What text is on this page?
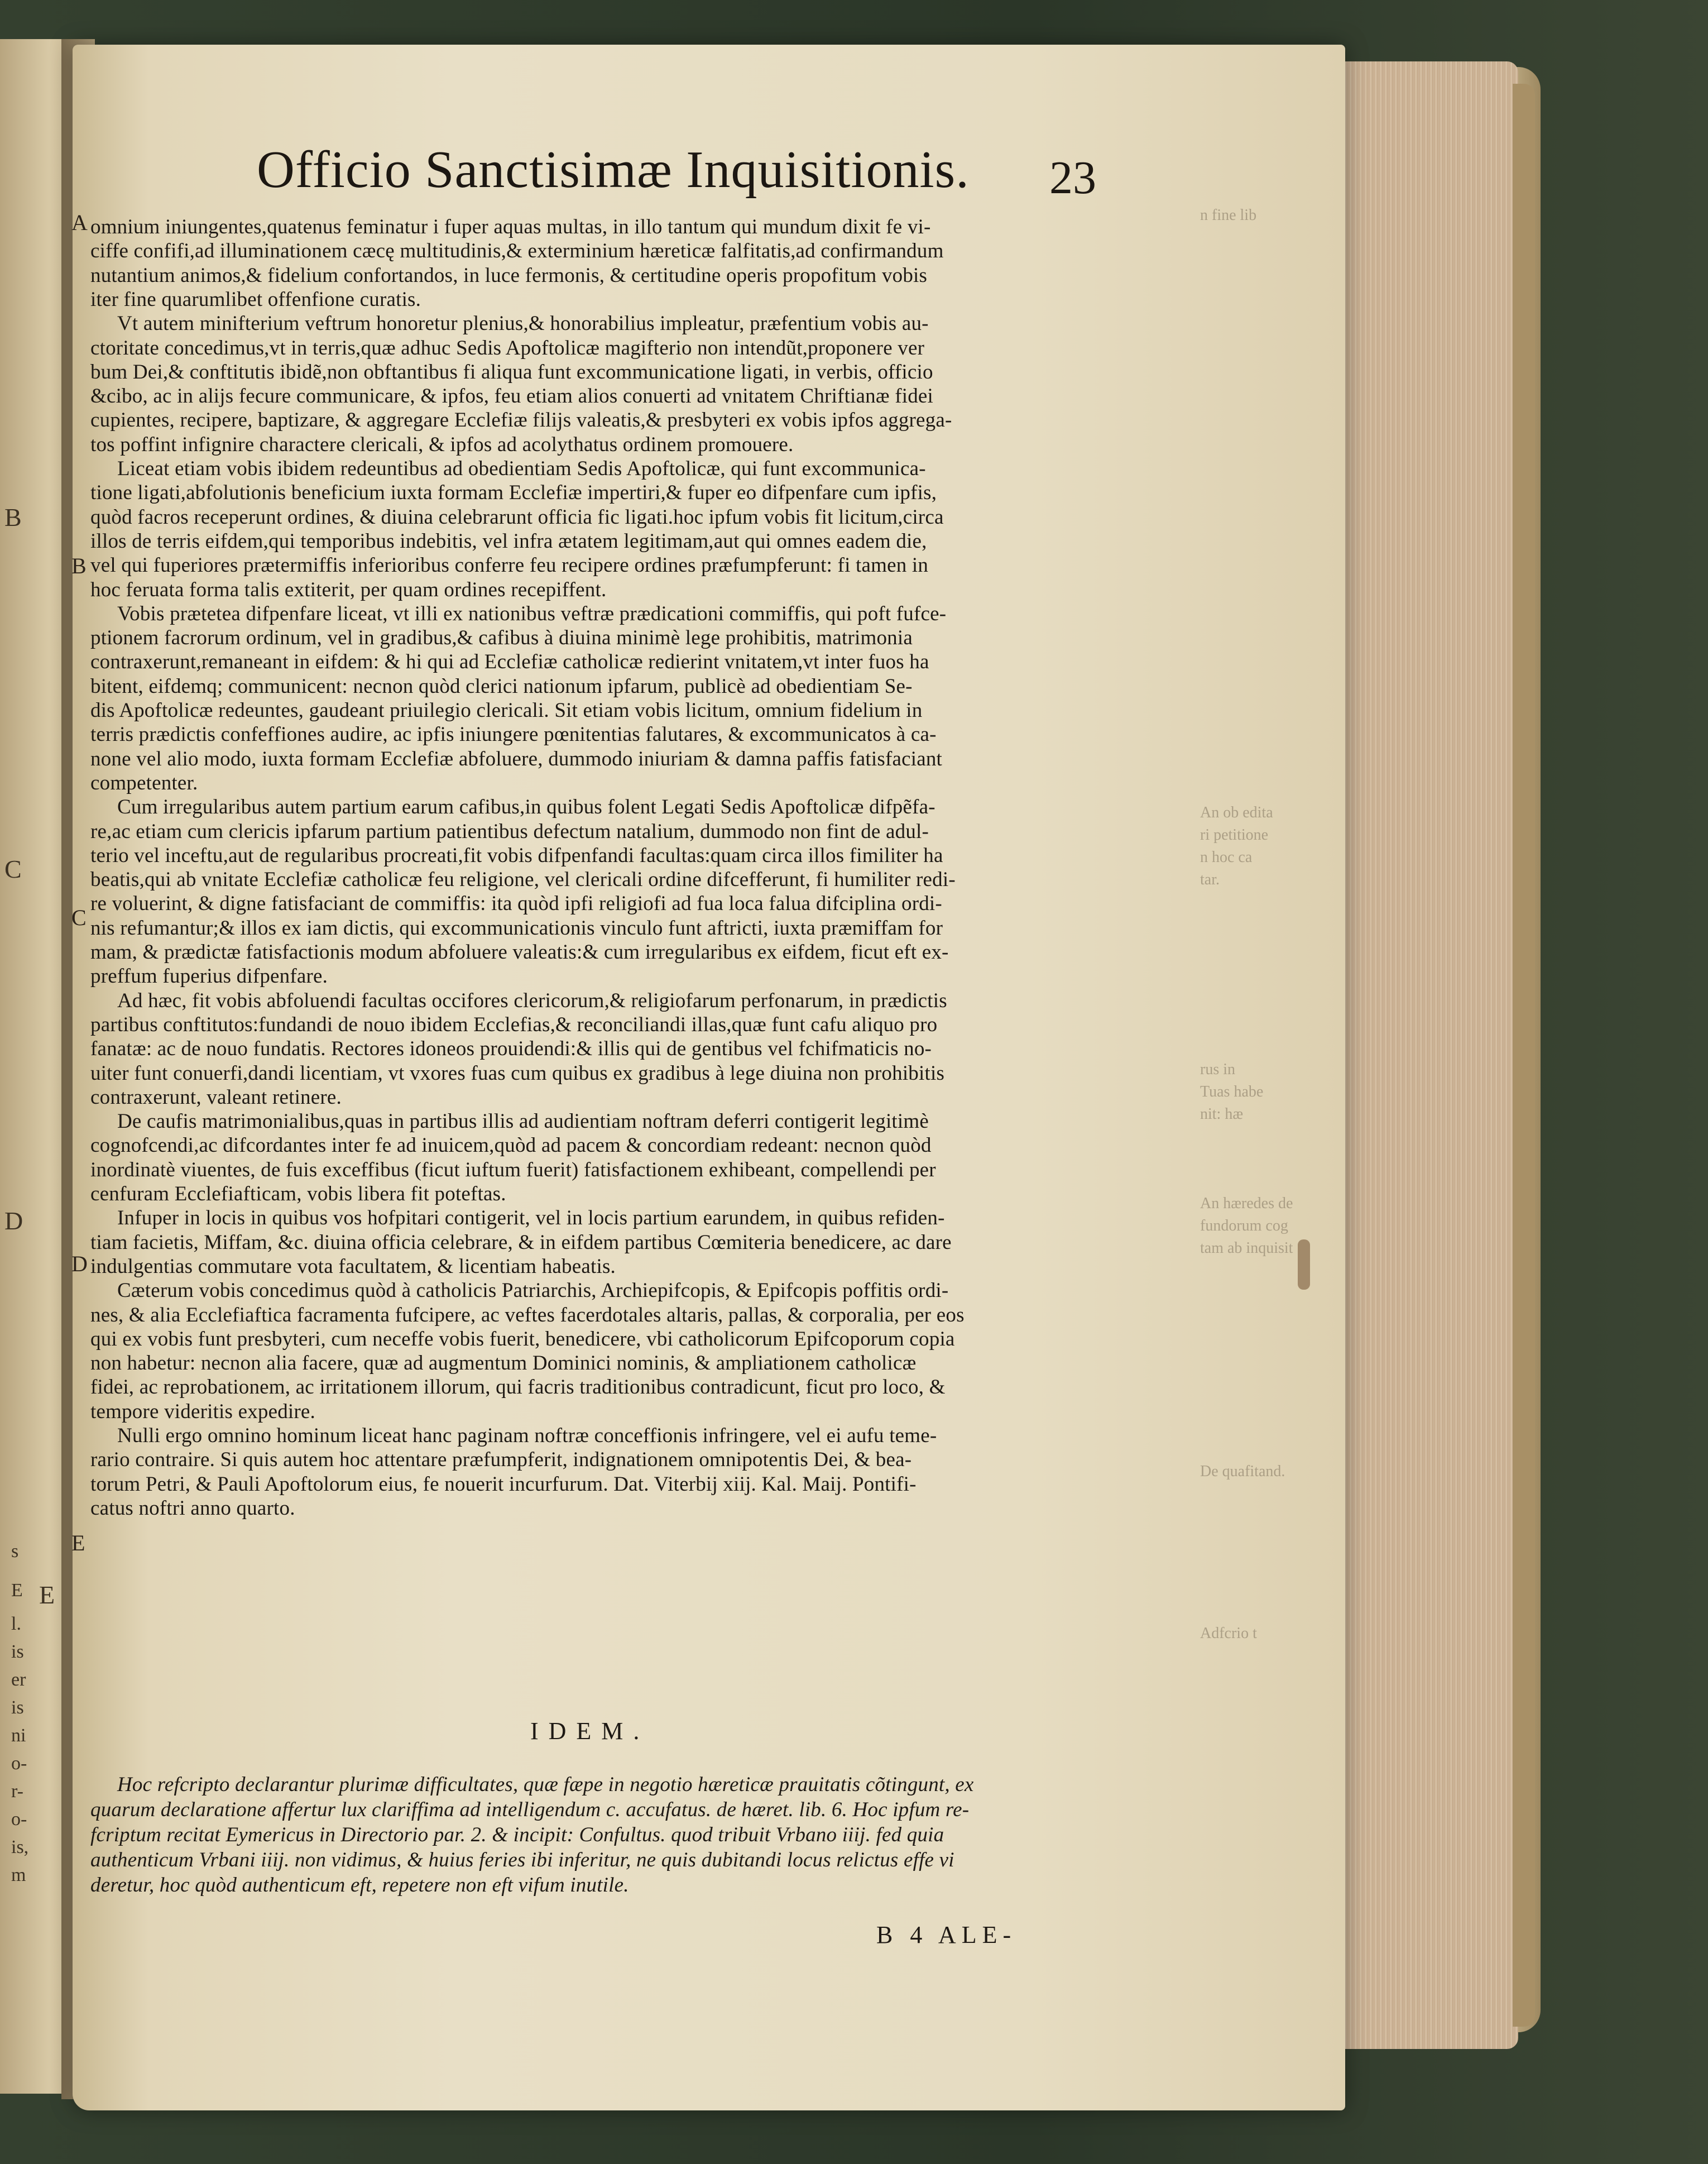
B
C
D
E
s
E
l.
is
er
is
ni
o-
r-
o-
is,
m
n fine lib
An ob edita
ri petitione
n hoc ca
tar.
rus in
Tuas habe
nit: hæ
An hæredes de
fundorum cog
tam ab inquisit
De quafitand.
Adfcrio t
Officio Sanctisimæ Inquisitionis. 23
omnium iniungentes,quatenus feminatur i fuper aquas multas, in illo tantum qui mundum dixit fe vi-
ciffe confifi,ad illuminationem cæcę multitudinis,& exterminium hæreticæ falfitatis,ad confirmandum
nutantium animos,& fidelium confortandos, in luce fermonis, & certitudine operis propofitum vobis
iter fine quarumlibet offenfione curatis.
Vt autem minifterium veftrum honoretur plenius,& honorabilius impleatur, præfentium vobis au-
ctoritate concedimus,vt in terris,quæ adhuc Sedis Apoftolicæ magifterio non intendũt,proponere ver
bum Dei,& conftitutis ibidẽ,non obftantibus fi aliqua funt excommunicatione ligati, in verbis, officio
&cibo, ac in alijs fecure communicare, & ipfos, feu etiam alios conuerti ad vnitatem Chriftianæ fidei
cupientes, recipere, baptizare, & aggregare Ecclefiæ filijs valeatis,& presbyteri ex vobis ipfos aggrega-
tos poffint infignire charactere clericali, & ipfos ad acolythatus ordinem promouere.
Liceat etiam vobis ibidem redeuntibus ad obedientiam Sedis Apoftolicæ, qui funt excommunica-
tione ligati,abfolutionis beneficium iuxta formam Ecclefiæ impertiri,& fuper eo difpenfare cum ipfis,
quòd facros receperunt ordines, & diuina celebrarunt officia fic ligati.hoc ipfum vobis fit licitum,circa
illos de terris eifdem,qui temporibus indebitis, vel infra ætatem legitimam,aut qui omnes eadem die,
vel qui fuperiores prætermiffis inferioribus conferre feu recipere ordines præfumpferunt: fi tamen in
hoc feruata forma talis extiterit, per quam ordines recepiffent.
Vobis prætetea difpenfare liceat, vt illi ex nationibus veftræ prædicationi commiffis, qui poft fufce-
ptionem facrorum ordinum, vel in gradibus,& cafibus à diuina minimè lege prohibitis, matrimonia
contraxerunt,remaneant in eifdem: & hi qui ad Ecclefiæ catholicæ redierint vnitatem,vt inter fuos ha
bitent, eifdemq; communicent: necnon quòd clerici nationum ipfarum, publicè ad obedientiam Se-
dis Apoftolicæ redeuntes, gaudeant priuilegio clericali. Sit etiam vobis licitum, omnium fidelium in
terris prædictis confeffiones audire, ac ipfis iniungere pœnitentias falutares, & excommunicatos à ca-
none vel alio modo, iuxta formam Ecclefiæ abfoluere, dummodo iniuriam & damna paffis fatisfaciant
competenter.
Cum irregularibus autem partium earum cafibus,in quibus folent Legati Sedis Apoftolicæ difpẽfa-
re,ac etiam cum clericis ipfarum partium patientibus defectum natalium, dummodo non fint de adul-
terio vel inceftu,aut de regularibus procreati,fit vobis difpenfandi facultas:quam circa illos fimiliter ha
beatis,qui ab vnitate Ecclefiæ catholicæ feu religione, vel clericali ordine difcefferunt, fi humiliter redi-
re voluerint, & digne fatisfaciant de commiffis: ita quòd ipfi religiofi ad fua loca falua difciplina ordi-
nis refumantur;& illos ex iam dictis, qui excommunicationis vinculo funt aftricti, iuxta præmiffam for
mam, & prædictæ fatisfactionis modum abfoluere valeatis:& cum irregularibus ex eifdem, ficut eft ex-
preffum fuperius difpenfare.
Ad hæc, fit vobis abfoluendi facultas occifores clericorum,& religiofarum perfonarum, in prædictis
partibus conftitutos:fundandi de nouo ibidem Ecclefias,& reconciliandi illas,quæ funt cafu aliquo pro
fanatæ: ac de nouo fundatis. Rectores idoneos prouidendi:& illis qui de gentibus vel fchifmaticis no-
uiter funt conuerfi,dandi licentiam, vt vxores fuas cum quibus ex gradibus à lege diuina non prohibitis
contraxerunt, valeant retinere.
De caufis matrimonialibus,quas in partibus illis ad audientiam noftram deferri contigerit legitimè
cognofcendi,ac difcordantes inter fe ad inuicem,quòd ad pacem & concordiam redeant: necnon quòd
inordinatè viuentes, de fuis exceffibus (ficut iuftum fuerit) fatisfactionem exhibeant, compellendi per
cenfuram Ecclefiafticam, vobis libera fit poteftas.
Infuper in locis in quibus vos hofpitari contigerit, vel in locis partium earundem, in quibus refiden-
tiam facietis, Miffam, &c. diuina officia celebrare, & in eifdem partibus Cœmiteria benedicere, ac dare
indulgentias commutare vota facultatem, & licentiam habeatis.
Cæterum vobis concedimus quòd à catholicis Patriarchis, Archiepifcopis, & Epifcopis poffitis ordi-
nes, & alia Ecclefiaftica facramenta fufcipere, ac veftes facerdotales altaris, pallas, & corporalia, per eos
qui ex vobis funt presbyteri, cum neceffe vobis fuerit, benedicere, vbi catholicorum Epifcoporum copia
non habetur: necnon alia facere, quæ ad augmentum Dominici nominis, & ampliationem catholicæ
fidei, ac reprobationem, ac irritationem illorum, qui facris traditionibus contradicunt, ficut pro loco, &
tempore videritis expedire.
Nulli ergo omnino hominum liceat hanc paginam noftræ conceffionis infringere, vel ei aufu teme-
rario contraire. Si quis autem hoc attentare præfumpferit, indignationem omnipotentis Dei, & bea-
torum Petri, & Pauli Apoftolorum eius, fe nouerit incurfurum. Dat. Viterbij xiij. Kal. Maij. Pontifi-
catus noftri anno quarto.
A
B
C
D
E
IDEM.
Hoc refcripto declarantur plurimæ difficultates, quæ fæpe in negotio hæreticæ prauitatis cõtingunt, ex
quarum declaratione affertur lux clariffima ad intelligendum c. accufatus. de hæret. lib. 6. Hoc ipfum re-
fcriptum recitat Eymericus in Directorio par. 2. & incipit: Confultus. quod tribuit Vrbano iiij. fed quia
authenticum Vrbani iiij. non vidimus, & huius feries ibi inferitur, ne quis dubitandi locus relictus effe vi
deretur, hoc quòd authenticum eft, repetere non eft vifum inutile.
B 4 ALE-
